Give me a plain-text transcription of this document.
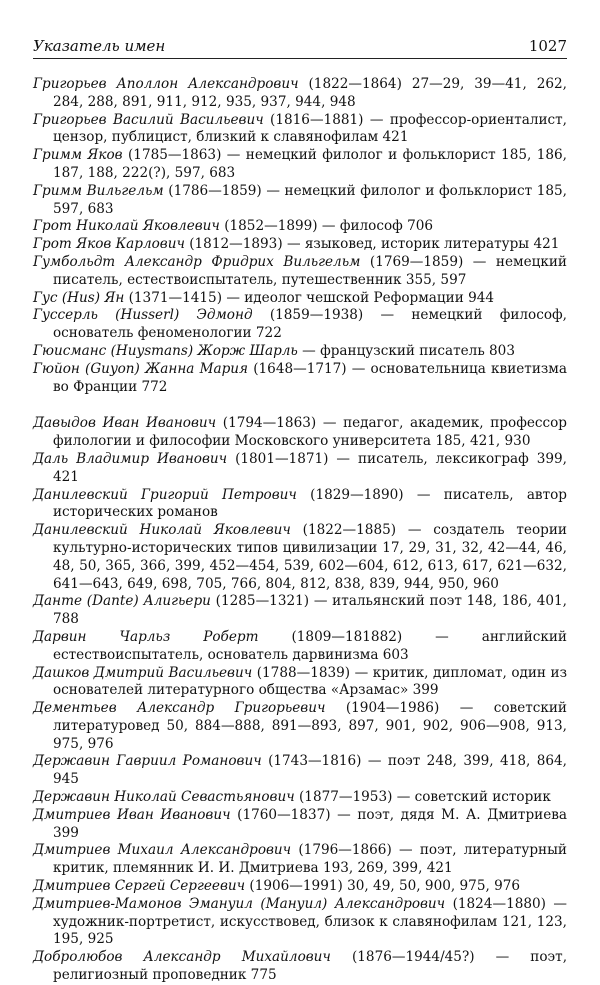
Указатель имен	1027
Григорьев Аполлон Александрович (1822—1864) 27—29, 39—41, 262, 284, 288, 891, 911, 912, 935, 937, 944, 948
Григорьев Василий Васильевич (1816—1881) — профессор-ориенталист, цензор, публицист, близкий к славянофилам 421
Гримм Яков (1785—1863) — немецкий филолог и фольклорист 185, 186, 187, 188, 222(?), 597, 683
Гримм Вильгельм (1786—1859) — немецкий филолог и фольклорист 185, 597, 683
Грот Николай Яковлевич (1852—1899) — философ 706
Грот Яков Карлович (1812—1893) — языковед, историк литературы 421
Гумбольдт Александр Фридрих Вильгельм (1769—1859) — немецкий писатель, естествоиспытатель, путешественник 355, 597
Гус (Hus) Ян (1371—1415) — идеолог чешской Реформации 944
Гуссерль (Husserl) Эдмонд (1859—1938) — немецкий философ, основатель феноменологии 722
Гюисманс (Huysmans) Жорж Шарль — французский писатель 803
Гюйон (Guyon) Жанна Мария (1648—1717) — основательница квиетизма во Франции 772
Давыдов Иван Иванович (1794—1863) — педагог, академик, профессор филологии и философии Московского университета 185, 421, 930
Даль Владимир Иванович (1801—1871) — писатель, лексикограф 399, 421
Данилевский Григорий Петрович (1829—1890) — писатель, автор исторических романов
Данилевский Николай Яковлевич (1822—1885) — создатель теории культурно-исторических типов цивилизации 17, 29, 31, 32, 42—44, 46, 48, 50, 365, 366, 399, 452—454, 539, 602—604, 612, 613, 617, 621—632, 641—643, 649, 698, 705, 766, 804, 812, 838, 839, 944, 950, 960
Данте (Dante) Алигьери (1285—1321) — итальянский поэт 148, 186, 401, 788
Дарвин Чарльз Роберт (1809—181882) — английский естествоиспытатель, основатель дарвинизма 603
Дашков Дмитрий Васильевич (1788—1839) — критик, дипломат, один из основателей литературного общества «Арзамас» 399
Дементьев Александр Григорьевич (1904—1986) — советский литературовед 50, 884—888, 891—893, 897, 901, 902, 906—908, 913, 975, 976
Державин Гавриил Романович (1743—1816) — поэт 248, 399, 418, 864, 945
Державин Николай Севастьянович (1877—1953) — советский историк
Дмитриев Иван Иванович (1760—1837) — поэт, дядя М. А. Дмитриева 399
Дмитриев Михаил Александрович (1796—1866) — поэт, литературный критик, племянник И. И. Дмитриева 193, 269, 399, 421
Дмитриев Сергей Сергеевич (1906—1991) 30, 49, 50, 900, 975, 976
Дмитриев-Мамонов Эмануил (Мануил) Александрович (1824—1880) — художник-портретист, искусствовед, близок к славянофилам 121, 123, 195, 925
Добролюбов Александр Михайлович (1876—1944/45?) — поэт, религиозный проповедник 775
